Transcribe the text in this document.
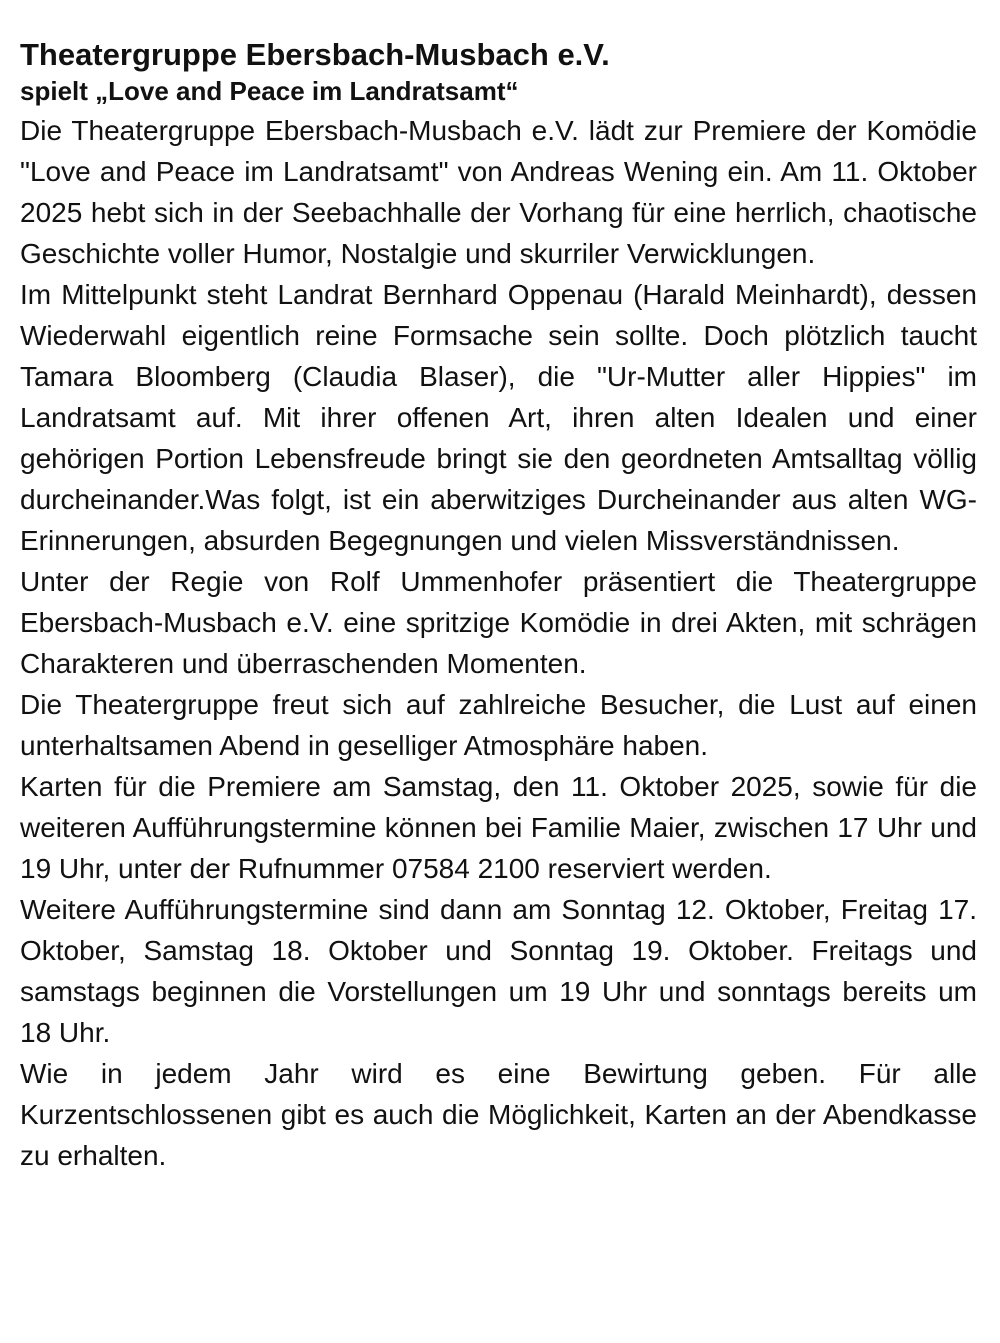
Theatergruppe Ebersbach-Musbach e.V.
spielt „Love and Peace im Landratsamt“

Die Theatergruppe Ebersbach-Musbach e.V. lädt zur Premiere der Komödie "Love and Peace im Landratsamt" von Andreas Wening ein. Am 11. Oktober 2025 hebt sich in der Seebachhalle der Vorhang für eine herrlich, chaotische Geschichte voller Humor, Nostalgie und skurriler Verwicklungen.

Im Mittelpunkt steht Landrat Bernhard Oppenau (Harald Meinhardt), dessen Wiederwahl eigentlich reine Formsache sein sollte. Doch plötzlich taucht Tamara Bloomberg (Claudia Blaser), die "Ur-Mutter aller Hippies" im Landratsamt auf. Mit ihrer offenen Art, ihren alten Idealen und einer gehörigen Portion Lebensfreude bringt sie den geordneten Amtsalltag völlig durcheinander.Was folgt, ist ein aberwitziges Durcheinander aus alten WG-Erinnerungen, absurden Begegnungen und vielen Missverständnissen.

Unter der Regie von Rolf Ummenhofer präsentiert die Theatergruppe Ebersbach-Musbach e.V. eine spritzige Komödie in drei Akten, mit schrägen Charakteren und überraschenden Momenten.

Die Theatergruppe freut sich auf zahlreiche Besucher, die Lust auf einen unterhaltsamen Abend in geselliger Atmosphäre haben.

Karten für die Premiere am Samstag, den 11. Oktober 2025, sowie für die weiteren Aufführungstermine können bei Familie Maier, zwischen 17 Uhr und 19 Uhr, unter der Rufnummer 07584 2100 reserviert werden.

Weitere Aufführungstermine sind dann am Sonntag 12. Oktober, Freitag 17. Oktober, Samstag 18. Oktober und Sonntag 19. Oktober. Freitags und samstags beginnen die Vorstellungen um 19 Uhr und sonntags bereits um 18 Uhr.

Wie in jedem Jahr wird es eine Bewirtung geben. Für alle Kurzentschlossenen gibt es auch die Möglichkeit, Karten an der Abendkasse zu erhalten.
